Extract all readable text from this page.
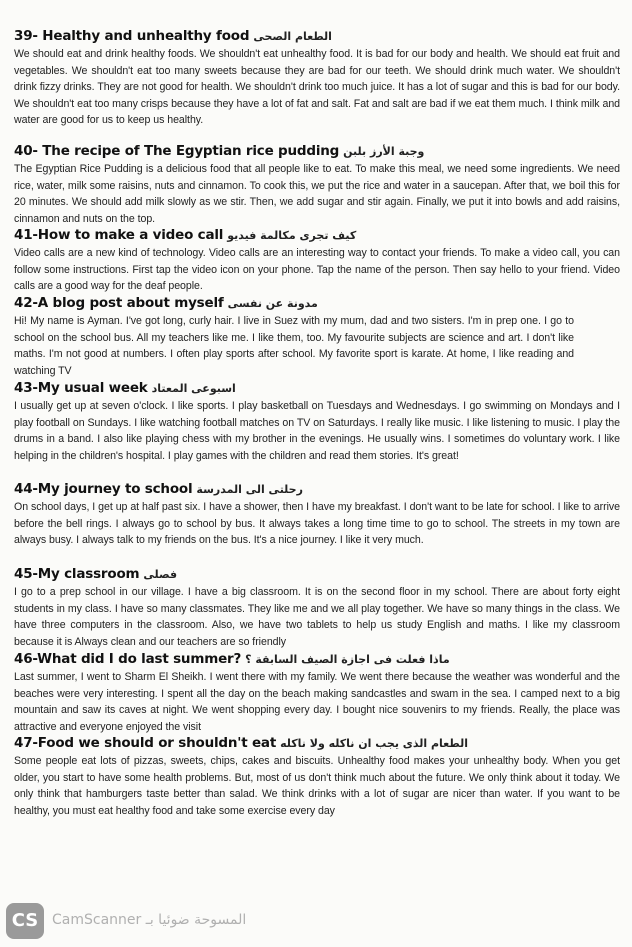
39- Healthy and unhealthy food الطعام الصحى
We should eat and drink healthy foods. We shouldn't eat unhealthy food. It is bad for our body and health. We should eat fruit and vegetables. We shouldn't eat too many sweets because they are bad for our teeth. We should drink much water. We shouldn't drink fizzy drinks. They are not good for health. We shouldn't drink too much juice. It has a lot of sugar and this is bad for our body. We shouldn't eat too many crisps because they have a lot of fat and salt. Fat and salt are bad if we eat them much. I think milk and water are good for us to keep us healthy.
40- The recipe of The Egyptian rice pudding وجبة الأرز بلبن
The Egyptian Rice Pudding is a delicious food that all people like to eat. To make this meal, we need some ingredients. We need rice, water, milk some raisins, nuts and cinnamon. To cook this, we put the rice and water in a saucepan. After that, we boil this for 20 minutes. We should add milk slowly as we stir. Then, we add sugar and stir again. Finally, we put it into bowls and add raisins, cinnamon and nuts on the top.
41-How to make a video call كيف تجرى مكالمة فيديو
Video calls are a new kind of technology. Video calls are an interesting way to contact your friends. To make a video call, you can follow some instructions. First tap the video icon on your phone. Tap the name of the person. Then say hello to your friend. Video calls are a good way for the deaf people.
42-A blog post about myself مدونة عن نفسى
Hi! My name is Ayman. I've got long, curly hair. I live in Suez with my mum, dad and two sisters. I'm in prep one. I go to school on the school bus. All my teachers like me. I like them, too. My favourite subjects are science and art. I don't like maths. I'm not good at numbers. I often play sports after school. My favorite sport is karate. At home, I like reading and watching TV
43-My usual week اسبوعى المعتاد
I usually get up at seven o'clock. I like sports. I play basketball on Tuesdays and Wednesdays. I go swimming on Mondays and I play football on Sundays. I like watching football matches on TV on Saturdays. I really like music. I like listening to music. I play the drums in a band. I also like playing chess with my brother in the evenings. He usually wins. I sometimes do voluntary work. I like helping in the children's hospital. I play games with the children and read them stories. It's great!
44-My journey to school رحلتى الى المدرسة
On school days, I get up at half past six. I have a shower, then I have my breakfast. I don't want to be late for school. I like to arrive before the bell rings. I always go to school by bus. It always takes a long time time to go to school. The streets in my town are always busy. I always talk to my friends on the bus. It's a nice journey. I like it very much.
45-My classroom فصلى
I go to a prep school in our village. I have a big classroom. It is on the second floor in my school. There are about forty eight students in my class. I have so many classmates. They like me and we all play together. We have so many things in the class. We have three computers in the classroom. Also, we have two tablets to help us study English and maths. I like my classroom because it is Always clean and our teachers are so friendly
46-What did I do last summer? ماذا فعلت فى اجازة الصيف السابقة ؟
Last summer, I went to Sharm El Sheikh. I went there with my family. We went there because the weather was wonderful and the beaches were very interesting. I spent all the day on the beach making sandcastles and swam in the sea. I camped next to a big mountain and saw its caves at night. We went shopping every day. I bought nice souvenirs to my friends. Really, the place was attractive and everyone enjoyed the visit
47-Food we should or shouldn't eat الطعام الذى يجب ان ناكله ولا ناكله
Some people eat lots of pizzas, sweets, chips, cakes and biscuits. Unhealthy food makes your unhealthy body. When you get older, you start to have some health problems. But, most of us don't think much about the future. We only think about it today. We only think that hamburgers taste better than salad. We think drinks with a lot of sugar are nicer than water. If you want to be healthy, you must eat healthy food and take some exercise every day
CS CamScanner المسوحة ضوئيا بـ
